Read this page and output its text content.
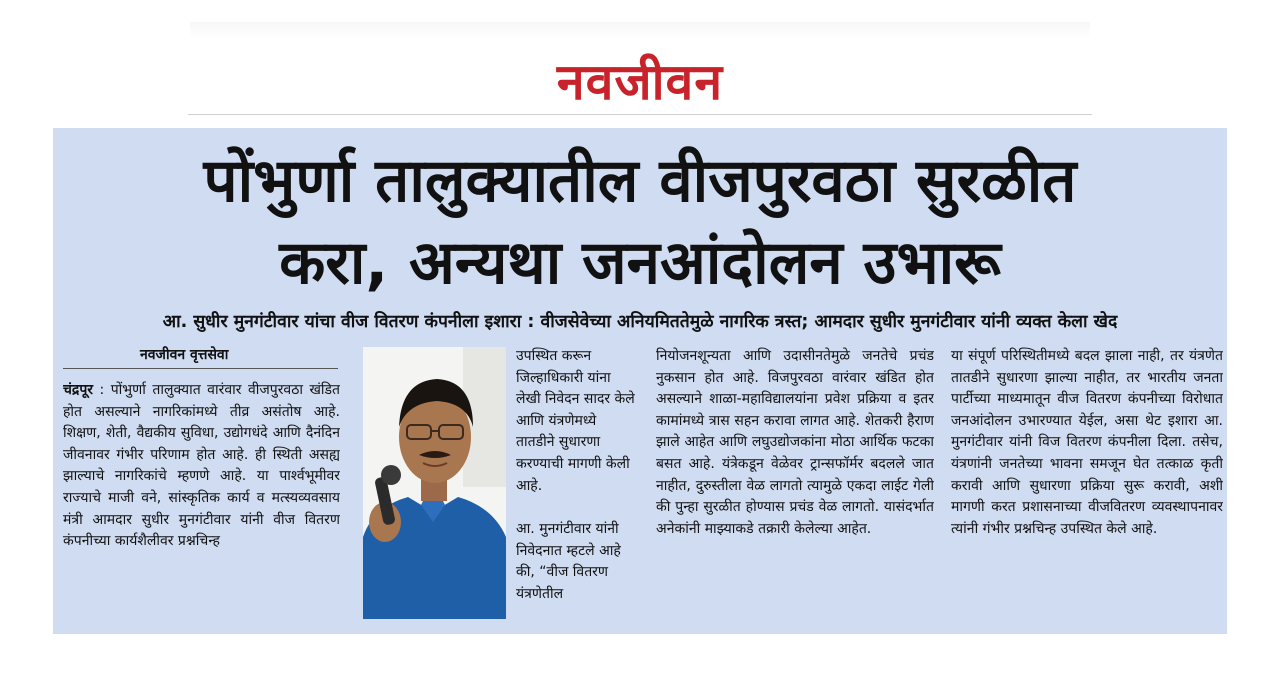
नवजीवन
पोंभुर्णा तालुक्यातील वीजपुरवठा सुरळीत
करा, अन्यथा जनआंदोलन उभारू
आ. सुधीर मुनगंटीवार यांचा वीज वितरण कंपनीला इशारा : वीजसेवेच्या अनियमिततेमुळे नागरिक त्रस्त; आमदार सुधीर मुनगंटीवार यांनी व्यक्त केला खेद
नवजीवन वृत्तसेवा

चंद्रपूर : पोंभुर्णा तालुक्यात वारंवार वीजपुरवठा खंडित होत असल्याने नागरिकांमध्ये तीव्र असंतोष आहे. शिक्षण, शेती, वैद्यकीय सुविधा, उद्योगधंदे आणि दैनंदिन जीवनावर गंभीर परिणाम होत आहे. ही स्थिती असह्य झाल्याचे नागरिकांचे म्हणणे आहे. या पार्श्वभूमीवर राज्याचे माजी वने, सांस्कृतिक कार्य व मत्स्यव्यवसाय मंत्री आमदार सुधीर मुनगंटीवार यांनी वीज वितरण कंपनीच्या कार्यशैलीवर प्रश्नचिन्ह

उपस्थित करून जिल्हाधिकारी यांना लेखी निवेदन सादर केले आणि यंत्रणेमध्ये तातडीने सुधारणा करण्याची मागणी केली आहे.

आ. मुनगंटीवार यांनी निवेदनात म्हटले आहे की, “वीज वितरण यंत्रणेतील

नियोजनशून्यता आणि उदासीनतेमुळे जनतेचे प्रचंड नुकसान होत आहे. विजपुरवठा वारंवार खंडित होत असल्याने शाळा-महाविद्यालयांना प्रवेश प्रक्रिया व इतर कामांमध्ये त्रास सहन करावा लागत आहे. शेतकरी हैराण झाले आहेत आणि लघुउद्योजकांना मोठा आर्थिक फटका बसत आहे. यंत्रेकडून वेळेवर ट्रान्सफॉर्मर बदलले जात नाहीत, दुरुस्तीला वेळ लागतो त्यामुळे एकदा लाईट गेली की पुन्हा सुरळीत होण्यास प्रचंड वेळ लागतो. यासंदर्भात अनेकांनी माझ्याकडे तक्रारी केलेल्या आहेत.

या संपूर्ण परिस्थितीमध्ये बदल झाला नाही, तर यंत्रणेत तातडीने सुधारणा झाल्या नाहीत, तर भारतीय जनता पार्टीच्या माध्यमातून वीज वितरण कंपनीच्या विरोधात जनआंदोलन उभारण्यात येईल, असा थेट इशारा आ. मुनगंटीवार यांनी विज वितरण कंपनीला दिला. तसेच, यंत्रणांनी जनतेच्या भावना समजून घेत तत्काळ कृती करावी आणि सुधारणा प्रक्रिया सुरू करावी, अशी मागणी करत प्रशासनाच्या वीजवितरण व्यवस्थापनावर त्यांनी गंभीर प्रश्नचिन्ह उपस्थित केले आहे.
